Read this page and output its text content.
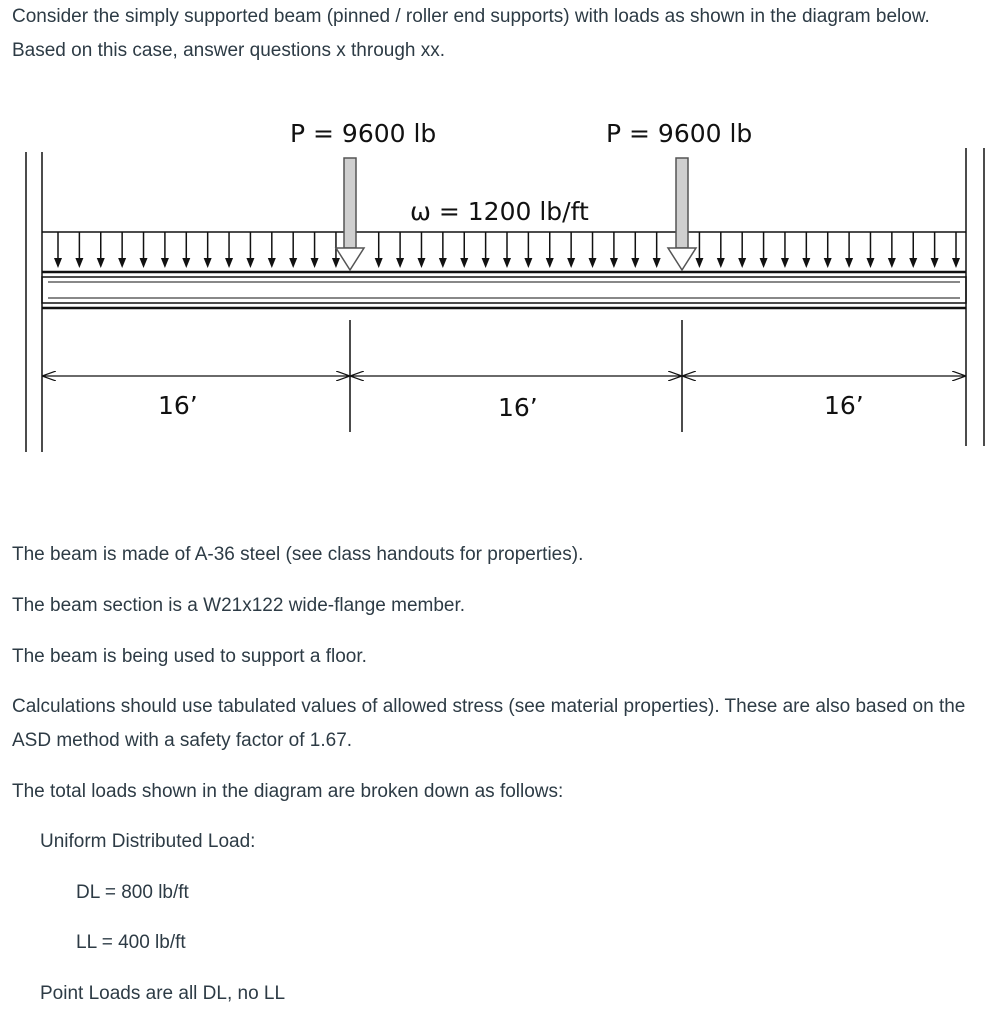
Consider the simply supported beam (pinned / roller end supports) with loads as shown in the diagram below. Based on this case, answer questions x through xx.

P = 9600 lb	P = 9600 lb
ω = 1200 lb/ft
16’	16’	16’

The beam is made of A-36 steel (see class handouts for properties).

The beam section is a W21x122 wide-flange member.

The beam is being used to support a floor.

Calculations should use tabulated values of allowed stress (see material properties). These are also based on the ASD method with a safety factor of 1.67.

The total loads shown in the diagram are broken down as follows:

Uniform Distributed Load:

DL = 800 lb/ft

LL = 400 lb/ft

Point Loads are all DL, no LL
